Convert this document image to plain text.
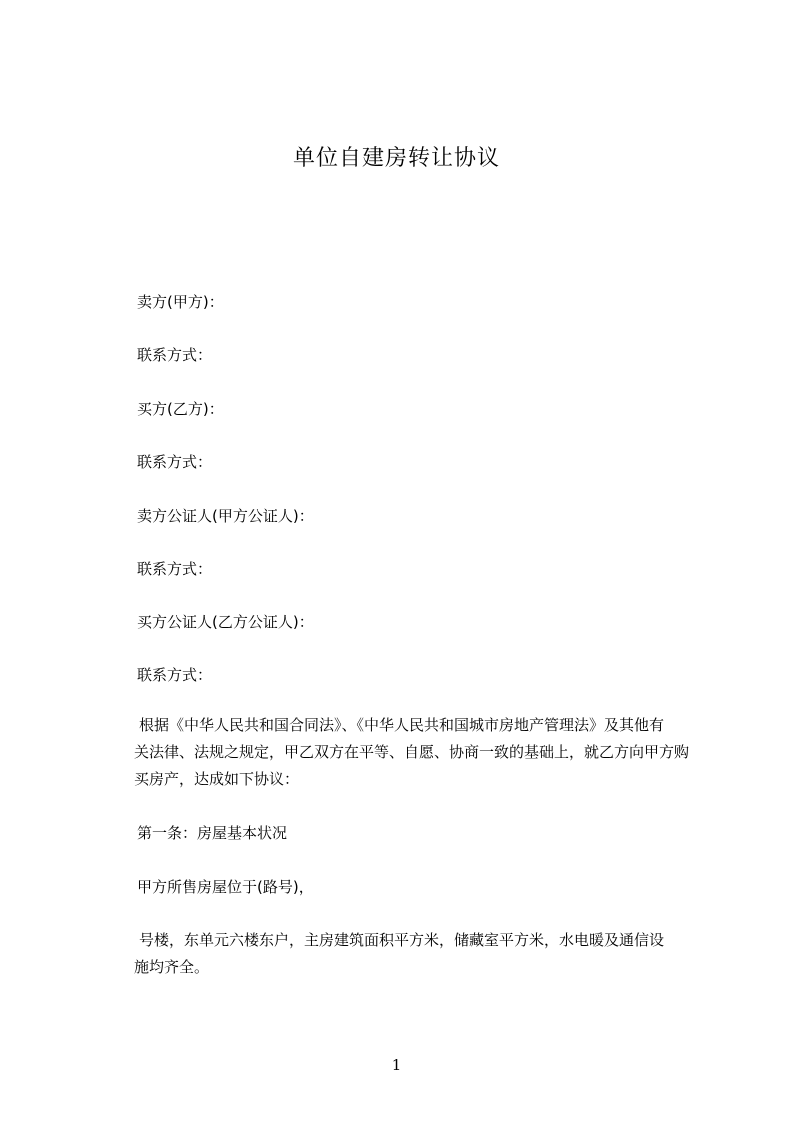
单位自建房转让协议
卖方(甲方)：
联系方式：
买方(乙方)：
联系方式：
卖方公证人(甲方公证人)：
联系方式：
买方公证人(乙方公证人)：
联系方式：
根据《中华人民共和国合同法》、《中华人民共和国城市房地产管理法》及其他有
关法律、法规之规定，甲乙双方在平等、自愿、协商一致的基础上，就乙方向甲方购
买房产，达成如下协议：
第一条：房屋基本状况
甲方所售房屋位于(路号)，
号楼，东单元六楼东户，主房建筑面积平方米，储藏室平方米，水电暖及通信设
施均齐全。
1
